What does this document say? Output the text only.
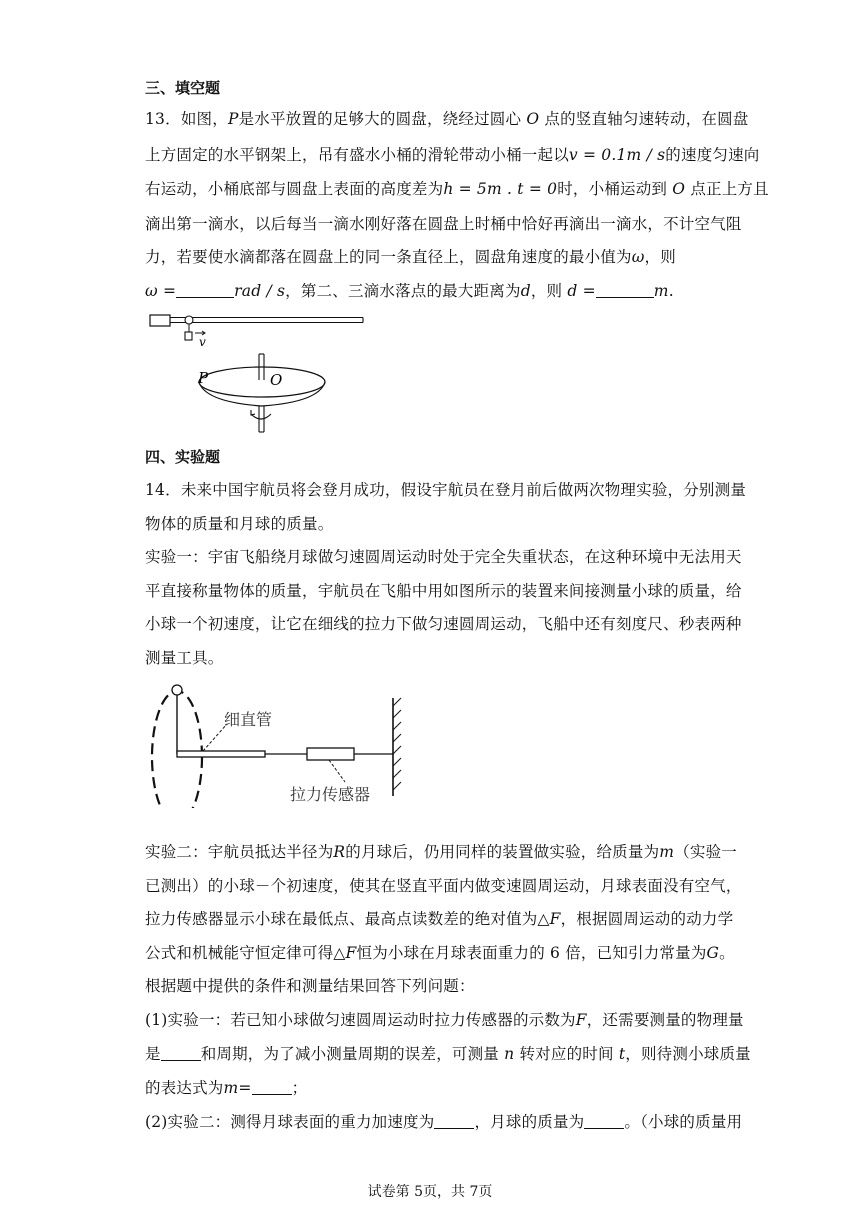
三、填空题
13．如图，P是水平放置的足够大的圆盘，绕经过圆心 O 点的竖直轴匀速转动，在圆盘
上方固定的水平钢架上，吊有盛水小桶的滑轮带动小桶一起以v = 0.1m / s的速度匀速向
右运动，小桶底部与圆盘上表面的高度差为h = 5m . t = 0时，小桶运动到 O 点正上方且
滴出第一滴水，以后每当一滴水刚好落在圆盘上时桶中恰好再滴出一滴水，不计空气阻
力，若要使水滴都落在圆盘上的同一条直径上，圆盘角速度的最小值为ω，则
ω =	rad / s，第二、三滴水落点的最大距离为d，则 d =	m.
v
P	O
四、实验题
14．未来中国宇航员将会登月成功，假设宇航员在登月前后做两次物理实验，分别测量
物体的质量和月球的质量。
实验一：宇宙飞船绕月球做匀速圆周运动时处于完全失重状态，在这种环境中无法用天
平直接称量物体的质量，宇航员在飞船中用如图所示的装置来间接测量小球的质量，给
小球一个初速度，让它在细线的拉力下做匀速圆周运动，飞船中还有刻度尺、秒表两种
测量工具。
细直管
拉力传感器
实验二：宇航员抵达半径为R的月球后，仍用同样的装置做实验，给质量为m（实验一
已测出）的小球－个初速度，使其在竖直平面内做变速圆周运动，月球表面没有空气，
拉力传感器显示小球在最低点、最高点读数差的绝对值为△F，根据圆周运动的动力学
公式和机械能守恒定律可得△F恒为小球在月球表面重力的 6 倍，已知引力常量为G。
根据题中提供的条件和测量结果回答下列问题：
(1)实验一：若已知小球做匀速圆周运动时拉力传感器的示数为F，还需要测量的物理量
是	和周期，为了减小测量周期的误差，可测量 n 转对应的时间 t，则待测小球质量
的表达式为m=	；
(2)实验二：测得月球表面的重力加速度为	，月球的质量为	。（小球的质量用
试卷第 5页，共 7页
